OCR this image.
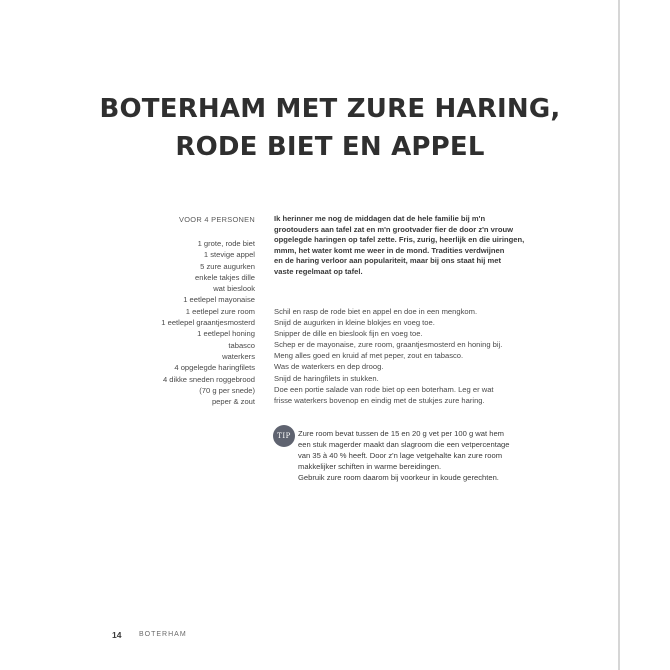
BOTERHAM MET ZURE HARING,
RODE BIET EN APPEL
VOOR 4 PERSONEN
1 grote, rode biet
1 stevige appel
5 zure augurken
enkele takjes dille
wat bieslook
1 eetlepel mayonaise
1 eetlepel zure room
1 eetlepel graantjesmosterd
1 eetlepel honing
tabasco
waterkers
4 opgelegde haringfilets
4 dikke sneden roggebrood
(70 g per snede)
peper & zout
Ik herinner me nog de middagen dat de hele familie bij m'n
grootouders aan tafel zat en m'n grootvader fier de door z'n vrouw
opgelegde haringen op tafel zette. Fris, zurig, heerlijk en die uiringen,
mmm, het water komt me weer in de mond. Tradities verdwijnen
en de haring verloor aan populariteit, maar bij ons staat hij met
vaste regelmaat op tafel.
Schil en rasp de rode biet en appel en doe in een mengkom.
Snijd de augurken in kleine blokjes en voeg toe.
Snipper de dille en bieslook fijn en voeg toe.
Schep er de mayonaise, zure room, graantjesmosterd en honing bij.
Meng alles goed en kruid af met peper, zout en tabasco.
Was de waterkers en dep droog.
Snijd de haringfilets in stukken.
Doe een portie salade van rode biet op een boterham. Leg er wat
frisse waterkers bovenop en eindig met de stukjes zure haring.
TIP Zure room bevat tussen de 15 en 20 g vet per 100 g wat hem
een stuk magerder maakt dan slagroom die een vetpercentage
van 35 à 40 % heeft. Door z'n lage vetgehalte kan zure room
makkelijker schiften in warme bereidingen.
Gebruik zure room daarom bij voorkeur in koude gerechten.
14	BOTERHAM
